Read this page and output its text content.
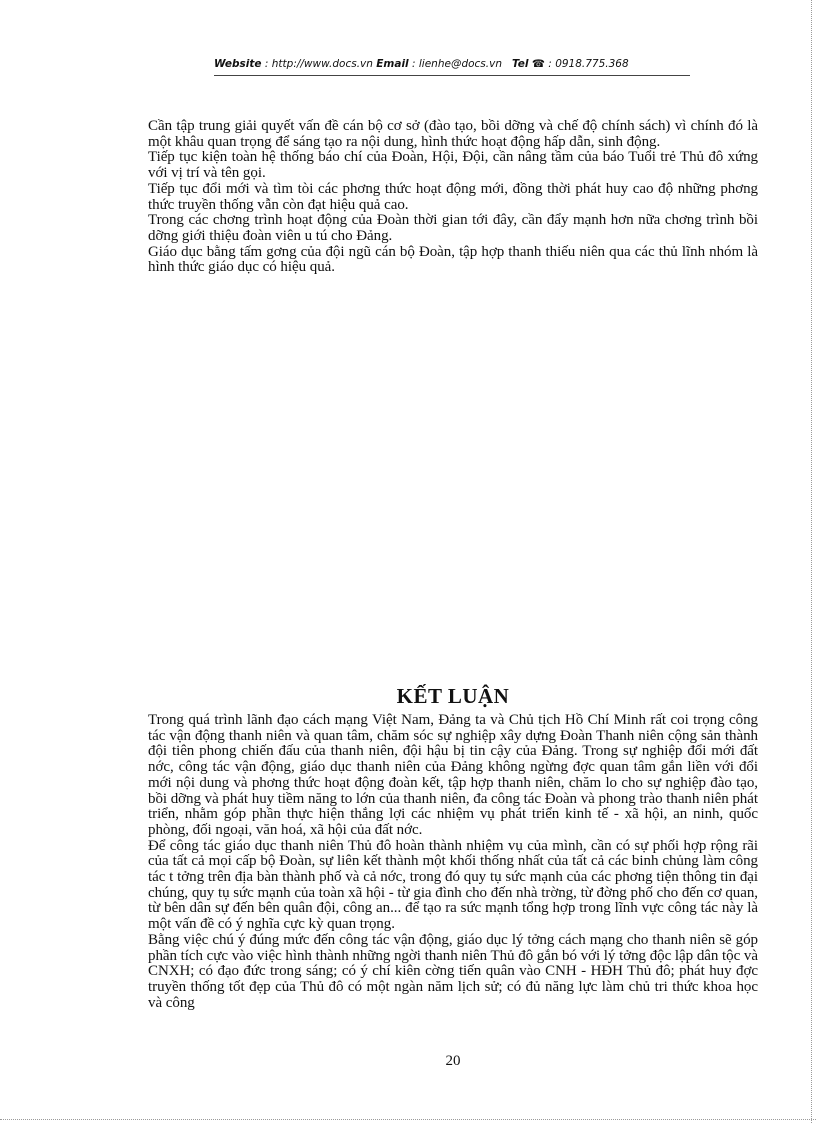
Website : http://www.docs.vn Email : lienhe@docs.vn Tel ☎ : 0918.775.368

Cần tập trung giải quyết vấn đề cán bộ cơ sở (đào tạo, bồi dỡng và chế độ chính sách) vì chính đó là một khâu quan trọng để sáng tạo ra nội dung, hình thức hoạt động hấp dẫn, sinh động.

Tiếp tục kiện toàn hệ thống báo chí của Đoàn, Hội, Đội, cần nâng tầm của báo Tuổi trẻ Thủ đô xứng với vị trí và tên gọi.

Tiếp tục đổi mới và tìm tòi các phơng thức hoạt động mới, đồng thời phát huy cao độ những phơng thức truyền thống vẫn còn đạt hiệu quả cao.

Trong các chơng trình hoạt động của Đoàn thời gian tới đây, cần đẩy mạnh hơn nữa chơng trình bồi dỡng giới thiệu đoàn viên u tú cho Đảng.

Giáo dục bằng tấm gơng của đội ngũ cán bộ Đoàn, tập hợp thanh thiếu niên qua các thủ lĩnh nhóm là hình thức giáo dục có hiệu quả.

KẾT LUẬN

Trong quá trình lãnh đạo cách mạng Việt Nam, Đảng ta và Chủ tịch Hồ Chí Minh rất coi trọng công tác vận động thanh niên và quan tâm, chăm sóc sự nghiệp xây dựng Đoàn Thanh niên cộng sản thành đội tiên phong chiến đấu của thanh niên, đội hậu bị tin cậy của Đảng. Trong sự nghiệp đổi mới đất nớc, công tác vận động, giáo dục thanh niên của Đảng không ngừng đợc quan tâm gắn liền với đổi mới nội dung và phơng thức hoạt động đoàn kết, tập hợp thanh niên, chăm lo cho sự nghiệp đào tạo, bồi dỡng và phát huy tiềm năng to lớn của thanh niên, đa công tác Đoàn và phong trào thanh niên phát triển, nhằm góp phần thực hiện thắng lợi các nhiệm vụ phát triển kinh tế - xã hội, an ninh, quốc phòng, đối ngoại, văn hoá, xã hội của đất nớc.

Để công tác giáo dục thanh niên Thủ đô hoàn thành nhiệm vụ của mình, cần có sự phối hợp rộng rãi của tất cả mọi cấp bộ Đoàn, sự liên kết thành một khối thống nhất của tất cả các binh chủng làm công tác t tởng trên địa bàn thành phố và cả nớc, trong đó quy tụ sức mạnh của các phơng tiện thông tin đại chúng, quy tụ sức mạnh của toàn xã hội - từ gia đình cho đến nhà trờng, từ đờng phố cho đến cơ quan, từ bên dân sự đến bên quân đội, công an... để tạo ra sức mạnh tổng hợp trong lĩnh vực công tác này là một vấn đề có ý nghĩa cực kỳ quan trọng.

Bằng việc chú ý đúng mức đến công tác vận động, giáo dục lý tởng cách mạng cho thanh niên sẽ góp phần tích cực vào việc hình thành những ngời thanh niên Thủ đô gắn bó với lý tởng độc lập dân tộc và CNXH; có đạo đức trong sáng; có ý chí kiên cờng tiến quân vào CNH - HĐH Thủ đô; phát huy đợc truyền thống tốt đẹp của Thủ đô có một ngàn năm lịch sử; có đủ năng lực làm chủ tri thức khoa học và công

20
